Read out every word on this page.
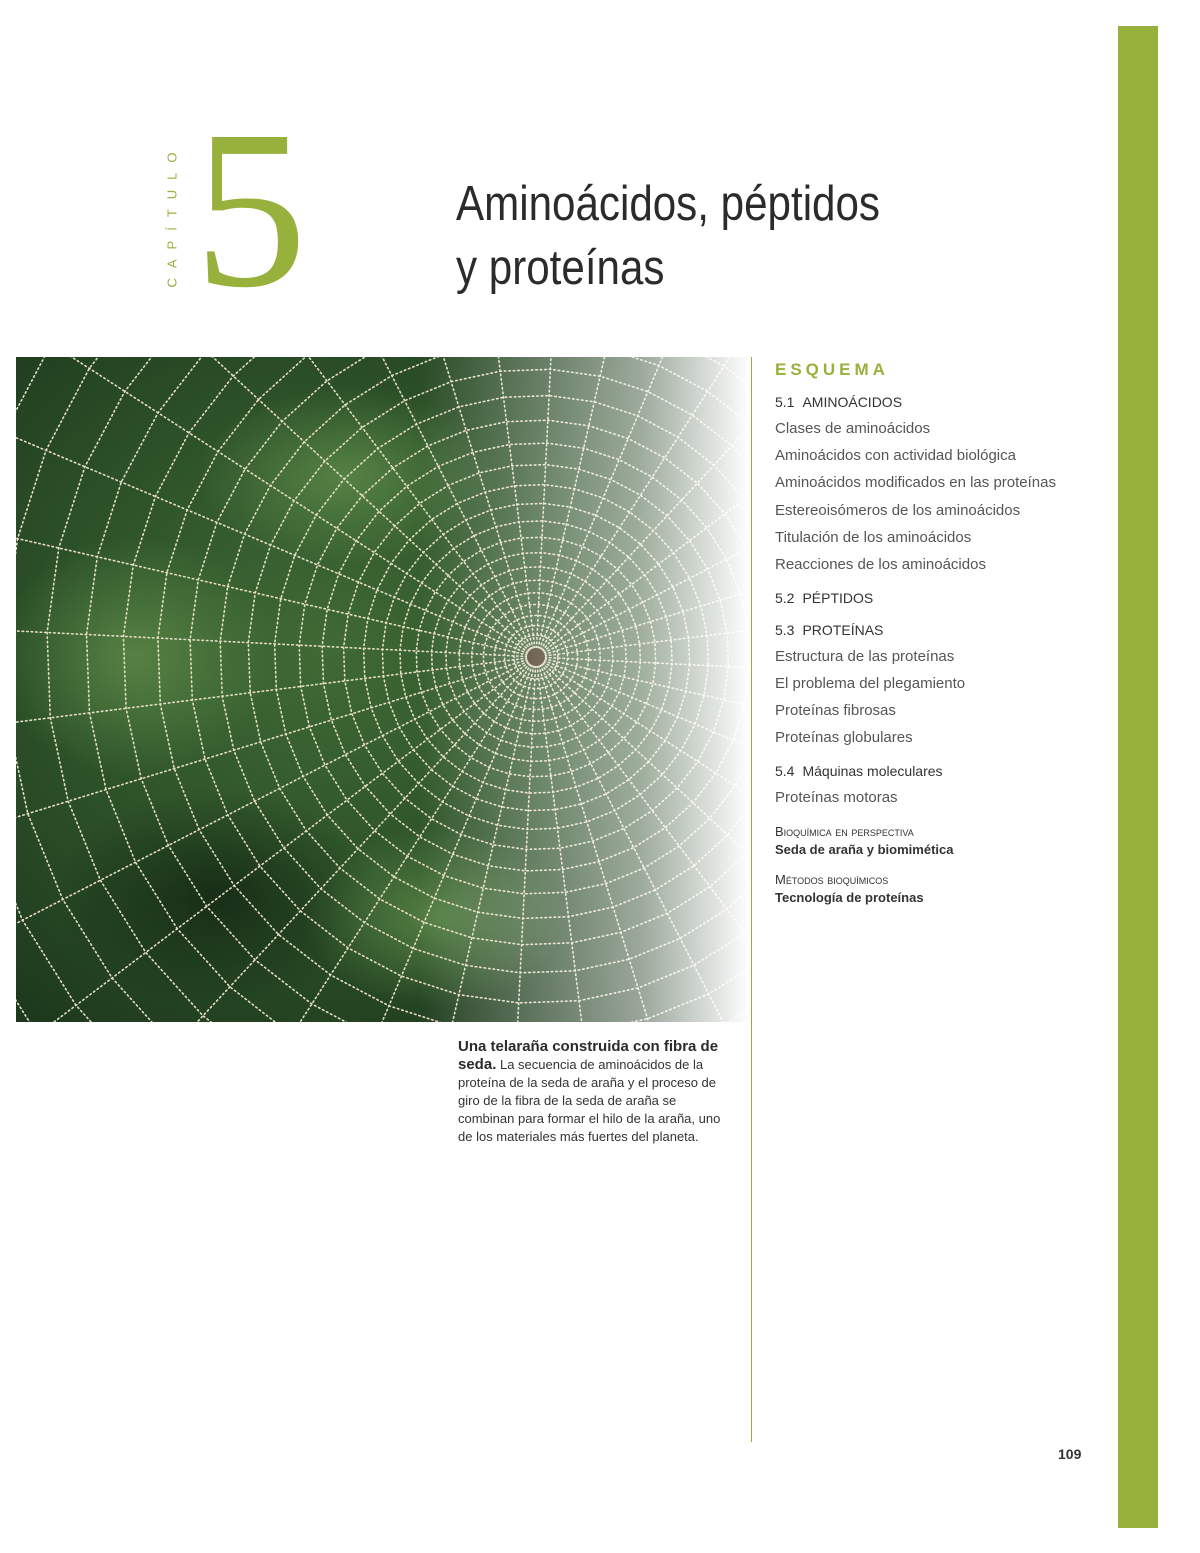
CAPÍTULO 5	Aminoácidos, péptidos
y proteínas
Una telaraña construida con fibra de seda. La secuencia de aminoácidos de la proteína de la seda de araña y el proceso de giro de la fibra de la seda de araña se combinan para formar el hilo de la araña, uno de los materiales más fuertes del planeta.
ESQUEMA
5.1 AMINOÁCIDOS
Clases de aminoácidos
Aminoácidos con actividad biológica
Aminoácidos modificados en las proteínas
Estereoisómeros de los aminoácidos
Titulación de los aminoácidos
Reacciones de los aminoácidos
5.2 PÉPTIDOS
5.3 PROTEÍNAS
Estructura de las proteínas
El problema del plegamiento
Proteínas fibrosas
Proteínas globulares
5.4 Máquinas moleculares
Proteínas motoras
Bioquímica en perspectiva
Seda de araña y biomimética
Métodos bioquímicos
Tecnología de proteínas
109
